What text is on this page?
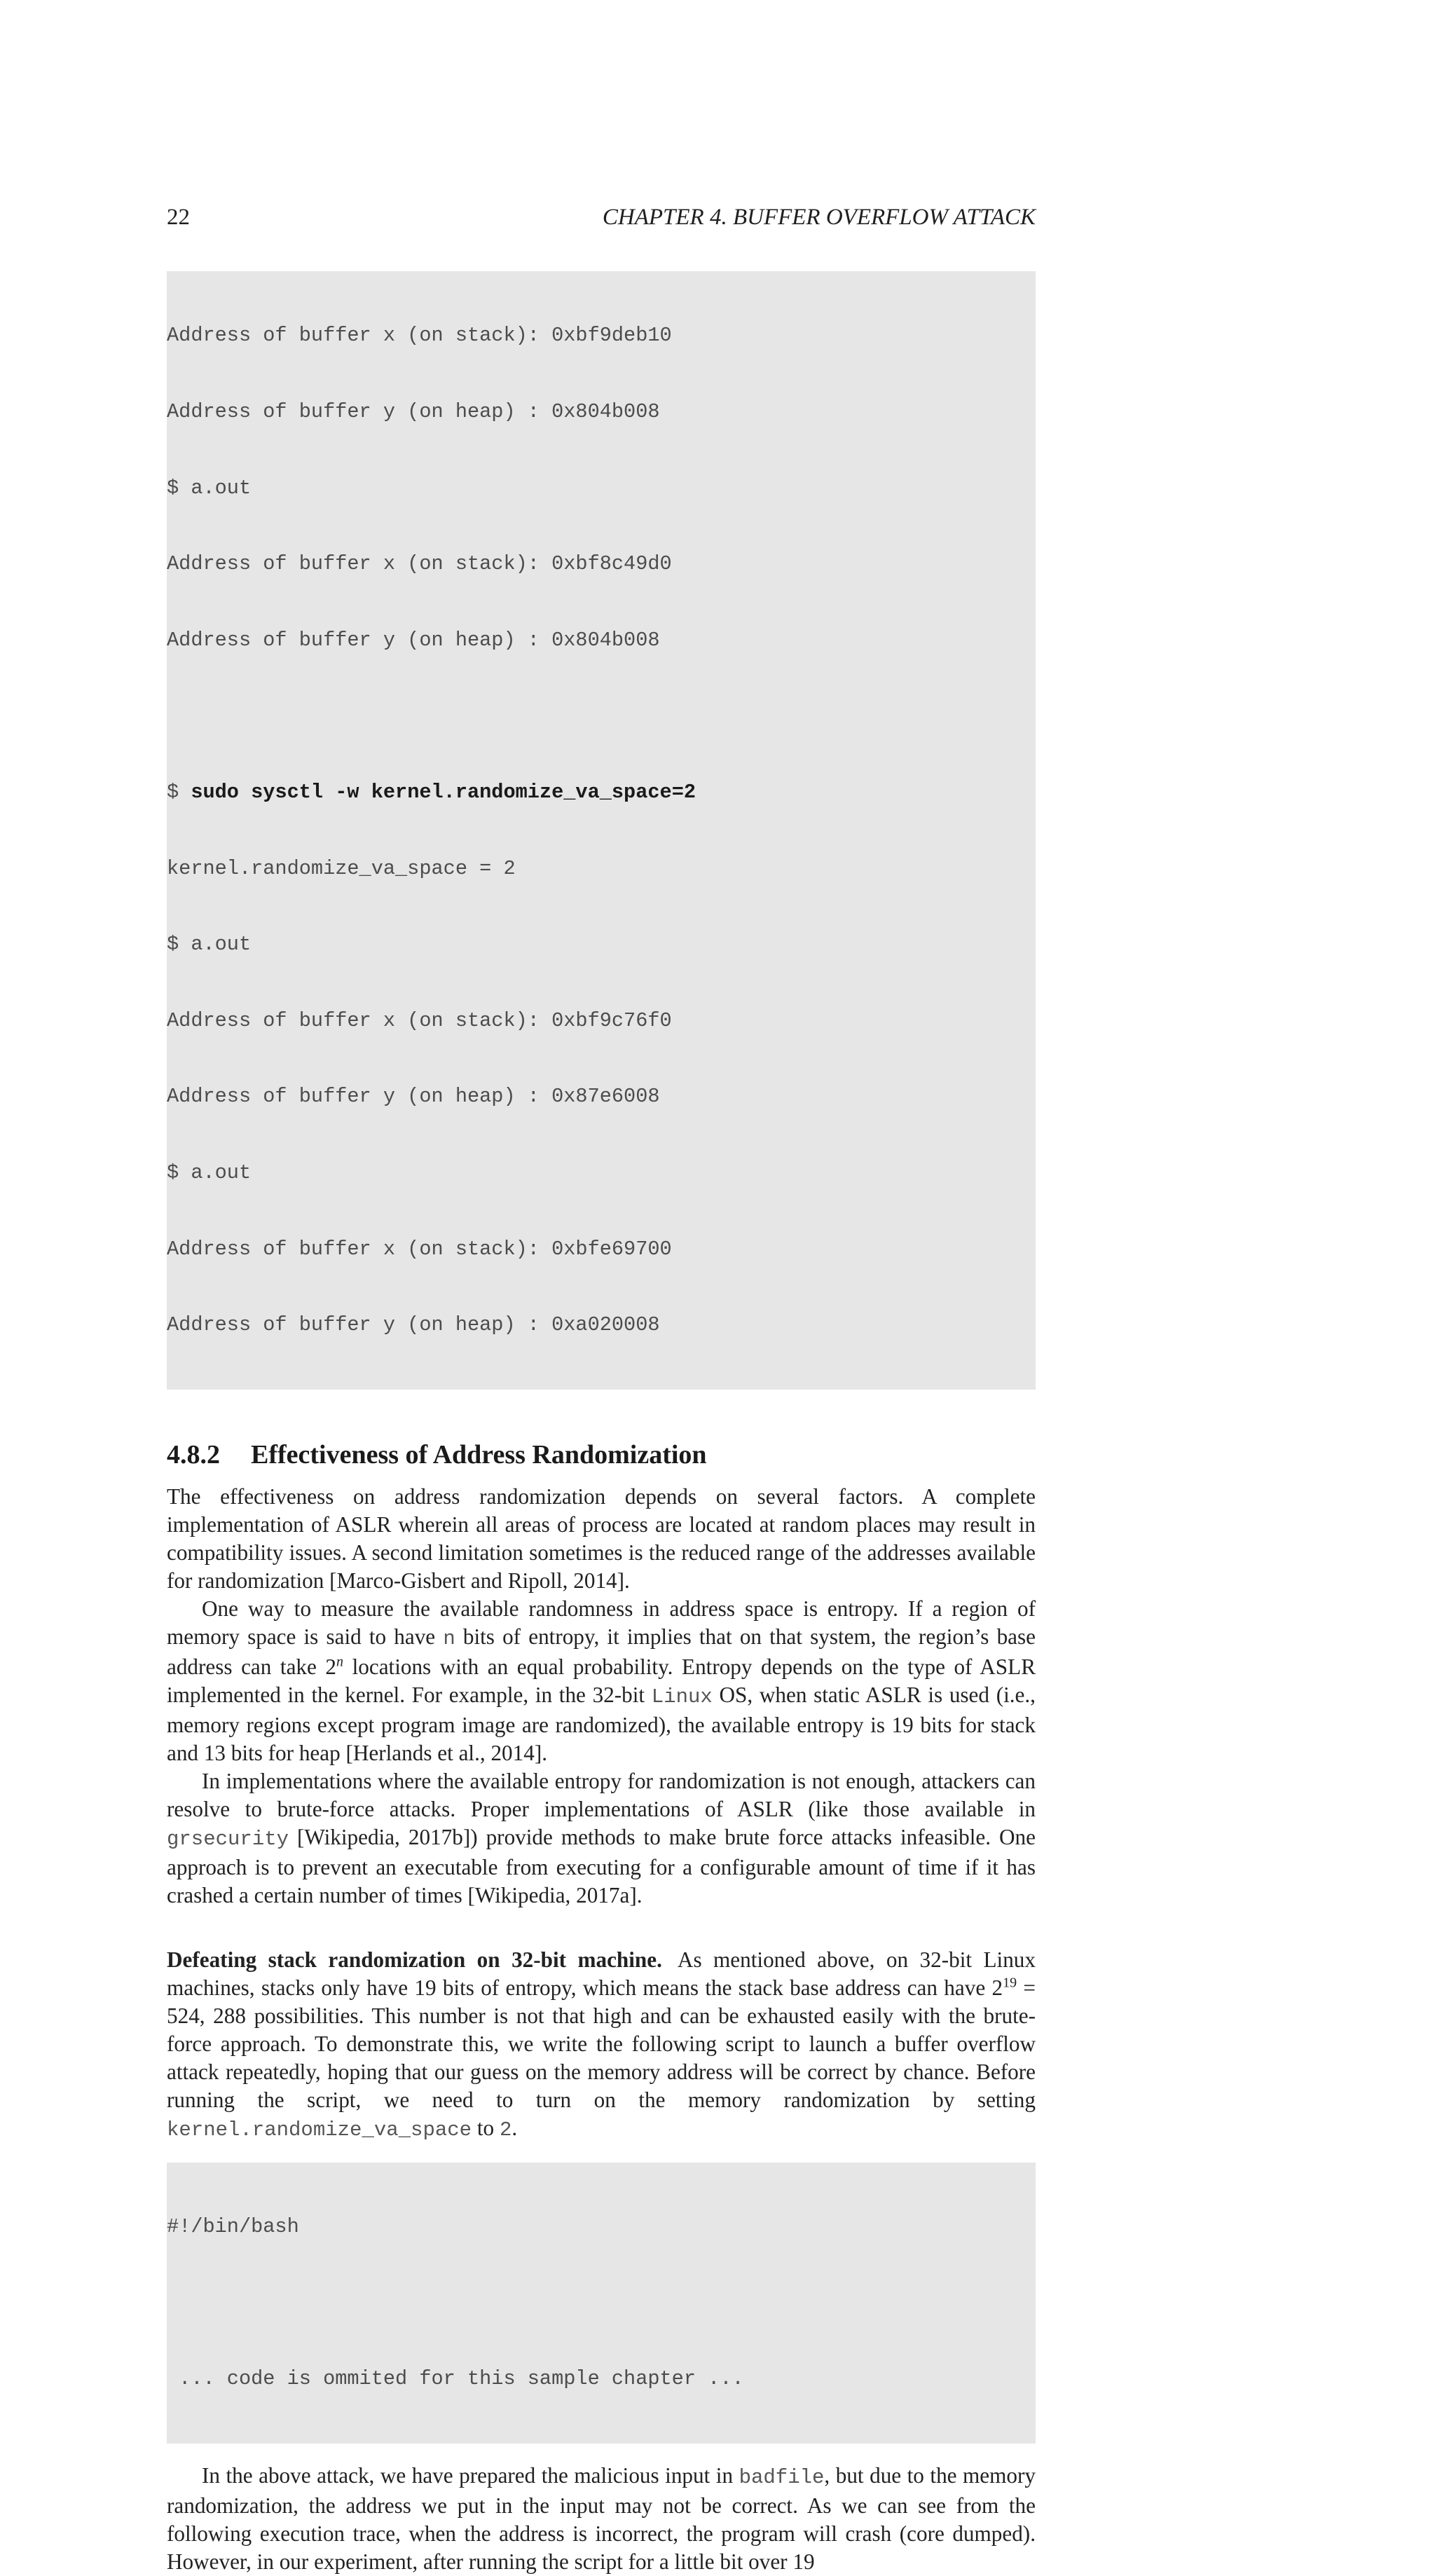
22	CHAPTER 4. BUFFER OVERFLOW ATTACK

Address of buffer x (on stack): 0xbf9deb10

Address of buffer y (on heap) : 0x804b008

$ a.out

Address of buffer x (on stack): 0xbf8c49d0

Address of buffer y (on heap) : 0x804b008

$ sudo sysctl -w kernel.randomize_va_space=2

kernel.randomize_va_space = 2

$ a.out

Address of buffer x (on stack): 0xbf9c76f0

Address of buffer y (on heap) : 0x87e6008

$ a.out

Address of buffer x (on stack): 0xbfe69700

Address of buffer y (on heap) : 0xa020008

4.8.2 Effectiveness of Address Randomization

The effectiveness on address randomization depends on several factors. A complete implementation of ASLR wherein all areas of process are located at random places may result in compatibility issues. A second limitation sometimes is the reduced range of the addresses available for randomization [Marco-Gisbert and Ripoll, 2014].

One way to measure the available randomness in address space is entropy. If a region of memory space is said to have n bits of entropy, it implies that on that system, the region’s base address can take 2$^n$ locations with an equal probability. Entropy depends on the type of ASLR implemented in the kernel. For example, in the 32-bit Linux OS, when static ASLR is used (i.e., memory regions except program image are randomized), the available entropy is 19 bits for stack and 13 bits for heap [Herlands et al., 2014].

In implementations where the available entropy for randomization is not enough, attackers can resolve to brute-force attacks. Proper implementations of ASLR (like those available in grsecurity [Wikipedia, 2017b]) provide methods to make brute force attacks infeasible. One approach is to prevent an executable from executing for a configurable amount of time if it has crashed a certain number of times [Wikipedia, 2017a].

Defeating stack randomization on 32-bit machine. As mentioned above, on 32-bit Linux machines, stacks only have 19 bits of entropy, which means the stack base address can have $2^{19} = 524$, 288 possibilities. This number is not that high and can be exhausted easily with the brute-force approach. To demonstrate this, we write the following script to launch a buffer overflow attack repeatedly, hoping that our guess on the memory address will be correct by chance. Before running the script, we need to turn on the memory randomization by setting kernel.randomize_va_space to 2.

#!/bin/bash

... code is ommited for this sample chapter ...

In the above attack, we have prepared the malicious input in badfile, but due to the memory randomization, the address we put in the input may not be correct. As we can see from the following execution trace, when the address is incorrect, the program will crash (core dumped). However, in our experiment, after running the script for a little bit over 19
